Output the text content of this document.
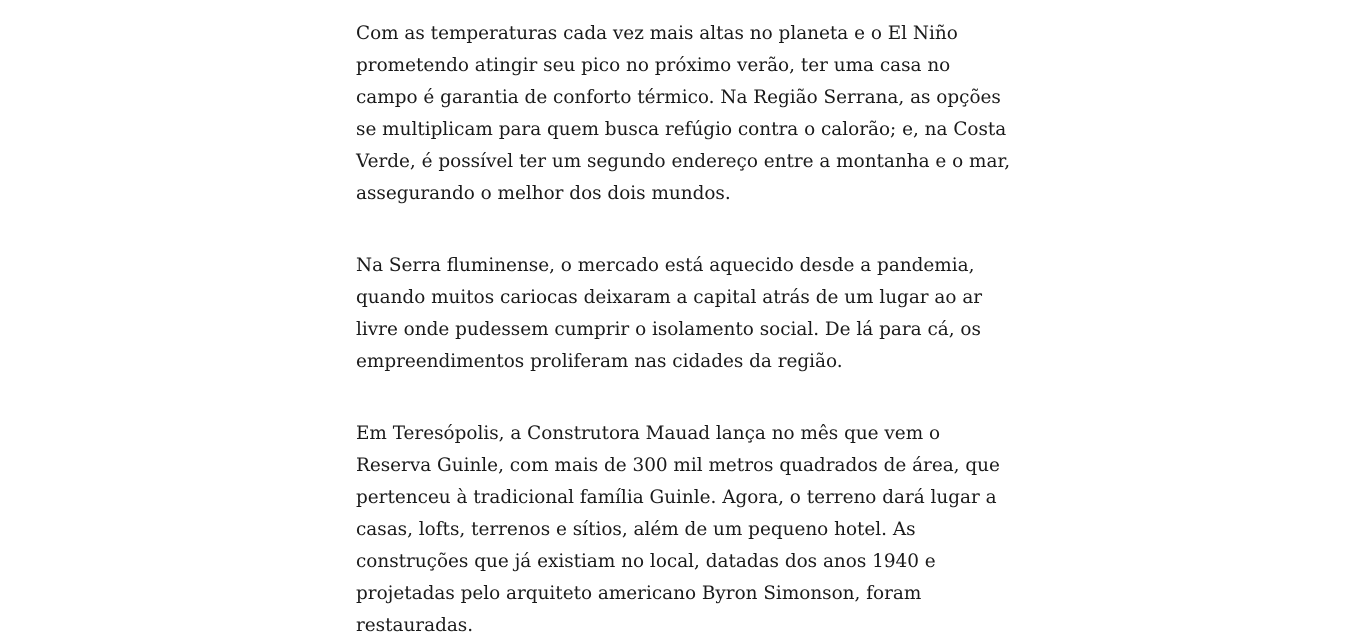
Com as temperaturas cada vez mais altas no planeta e o El Niño prometendo atingir seu pico no próximo verão, ter uma casa no campo é garantia de conforto térmico. Na Região Serrana, as opções se multiplicam para quem busca refúgio contra o calorão; e, na Costa Verde, é possível ter um segundo endereço entre a montanha e o mar, assegurando o melhor dos dois mundos.

Na Serra fluminense, o mercado está aquecido desde a pandemia, quando muitos cariocas deixaram a capital atrás de um lugar ao ar livre onde pudessem cumprir o isolamento social. De lá para cá, os empreendimentos proliferam nas cidades da região.

Em Teresópolis, a Construtora Mauad lança no mês que vem o Reserva Guinle, com mais de 300 mil metros quadrados de área, que pertenceu à tradicional família Guinle. Agora, o terreno dará lugar a casas, lofts, terrenos e sítios, além de um pequeno hotel. As construções que já existiam no local, datadas dos anos 1940 e projetadas pelo arquiteto americano Byron Simonson, foram restauradas.
